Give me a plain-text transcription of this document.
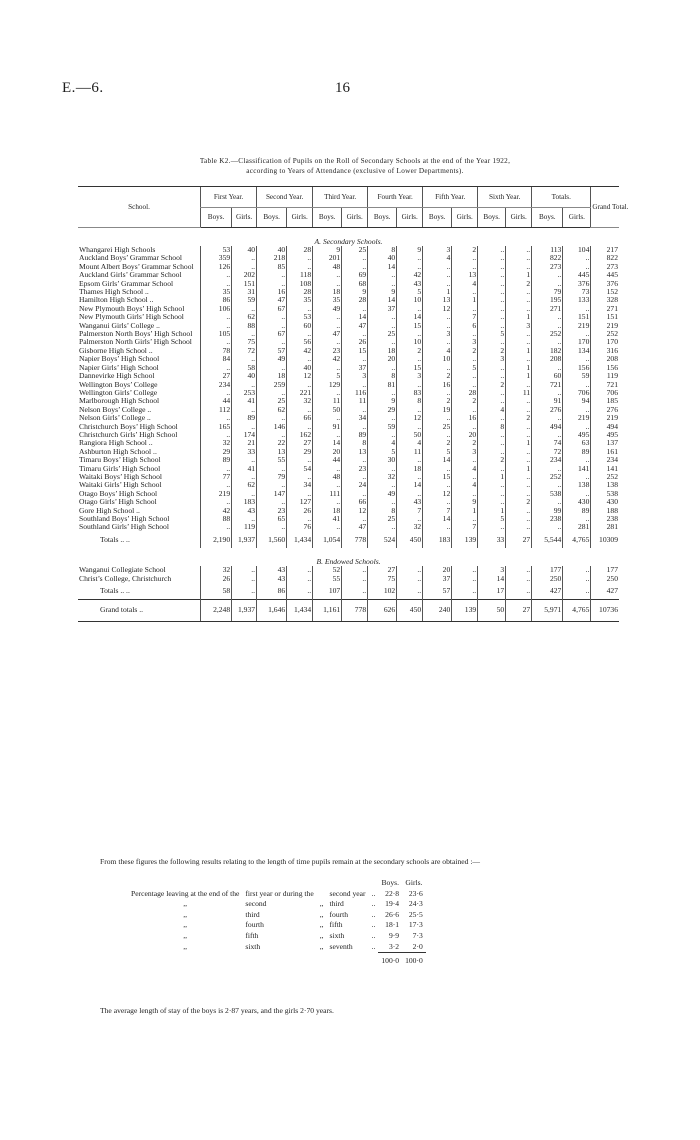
E.—6.	16
Table K2.—Classification of Pupils on the Roll of Secondary Schools at the end of the Year 1922,
according to Years of Attendance (exclusive of Lower Departments).
School.	First Year.		Second Year.		Third Year.		Fourth Year.		Fifth Year.		Sixth Year.		Totals.		Grand Total.
	Boys.	Girls.	Boys.	Girls.	Boys.	Girls.	Boys.	Girls.	Boys.	Girls.	Boys.	Girls.	Boys.	Girls.	
A. Secondary Schools.															
Whangarei High Schools	53	40	40	28	9	25	8	9	3	2	..	..	113	104	217
Auckland Boys’ Grammar School	359	..	218	..	201	..	40	..	4	..	..	..	822	..	822
Mount Albert Boys’ Grammar School	126	..	85	..	48	..	14	..	..	..	..	..	273	..	273
Auckland Girls’ Grammar School	..	202	..	118	..	69	..	42	..	13	..	1	..	445	445
Epsom Girls’ Grammar School	..	151	..	108	..	68	..	43	..	4	..	2	..	376	376
Thames High School ..	35	31	16	28	18	9	9	5	1	..	..	..	79	73	152
Hamilton High School ..	86	59	47	35	35	28	14	10	13	1	..	..	195	133	328
New Plymouth Boys’ High School	106	..	67	..	49	..	37	..	12	..	..	..	271	..	271
New Plymouth Girls’ High School	..	62	..	53	..	14	..	14	..	7	..	1	..	151	151
Wanganui Girls’ College ..	..	88	..	60	..	47	..	15	..	6	..	3	..	219	219
Palmerston North Boys’ High School	105	..	67	..	47	..	25	..	3	..	5	..	252	..	252
Palmerston North Girls’ High School	..	75	..	56	..	26	..	10	..	3	..	..	..	170	170
Gisborne High School ..	78	72	57	42	23	15	18	2	4	2	2	1	182	134	316
Napier Boys’ High School	84	..	49	..	42	..	20	..	10	..	3	..	208	..	208
Napier Girls’ High School	..	58	..	40	..	37	..	15	..	5	..	1	..	156	156
Dannevirke High School	27	40	18	12	5	3	8	3	2	..	..	1	60	59	119
Wellington Boys’ College	234	..	259	..	129	..	81	..	16	..	2	..	721	..	721
Wellington Girls’ College	..	253	..	221	..	116	..	83	..	28	..	11	..	706	706
Marlborough High School	44	41	25	32	11	11	9	8	2	2	..	..	91	94	185
Nelson Boys’ College ..	112	..	62	..	50	..	29	..	19	..	4	..	276	..	276
Nelson Girls’ College ..	..	89	..	66	..	34	..	12	..	16	..	2	..	219	219
Christchurch Boys’ High School	165	..	146	..	91	..	59	..	25	..	8	..	494	..	494
Christchurch Girls’ High School	..	174	..	162	..	89	..	50	..	20	..	..	..	495	495
Rangiora High School ..	32	21	22	27	14	8	4	4	2	2	..	1	74	63	137
Ashburton High School ..	29	33	13	29	20	13	5	11	5	3	..	..	72	89	161
Timaru Boys’ High School	89	..	55	..	44	..	30	..	14	..	2	..	234	..	234
Timaru Girls’ High School	..	41	..	54	..	23	..	18	..	4	..	1	..	141	141
Waitaki Boys’ High School	77	..	79	..	48	..	32	..	15	..	1	..	252	..	252
Waitaki Girls’ High School	..	62	..	34	..	24	..	14	..	4	..	..	..	138	138
Otago Boys’ High School	219	..	147	..	111	..	49	..	12	..	..	..	538	..	538
Otago Girls’ High School	..	183	..	127	..	66	..	43	..	9	..	2	..	430	430
Gore High School ..	42	43	23	26	18	12	8	7	7	1	1	..	99	89	188
Southland Boys’ High School	88	..	65	..	41	..	25	..	14	..	5	..	238	..	238
Southland Girls’ High School	..	119	..	76	..	47	..	32	..	7	..	..	..	281	281
Totals .. ..	2,190	1,937	1,560	1,434	1,054	778	524	450	183	139	33	27	5,544	4,765	10309
B. Endowed Schools.															
Wanganui Collegiate School	32	..	43	..	52	..	27	..	20	..	3	..	177	..	177
Christ’s College, Christchurch	26	..	43	..	55	..	75	..	37	..	14	..	250	..	250
Totals .. ..	58	..	86	..	107	..	102	..	57	..	17	..	427	..	427
Grand totals ..	2,248	1,937	1,646	1,434	1,161	778	626	450	240	139	50	27	5,971	4,765	10736
From these figures the following results relating to the length of time pupils remain at the secondary schools are obtained :—
					Boys.	Girls.
Percentage leaving at the end of the	first year or during the		second year	..	22·8	23·6
,,	second	,,	third	..	19·4	24·3
,,	third	,,	fourth	..	26·6	25·5
,,	fourth	,,	fifth	..	18·1	17·3
,,	fifth	,,	sixth	..	9·9	7·3
,,	sixth	,,	seventh	..	3·2	2·0
					100·0	100·0
The average length of stay of the boys is 2·87 years, and the girls 2·70 years.
